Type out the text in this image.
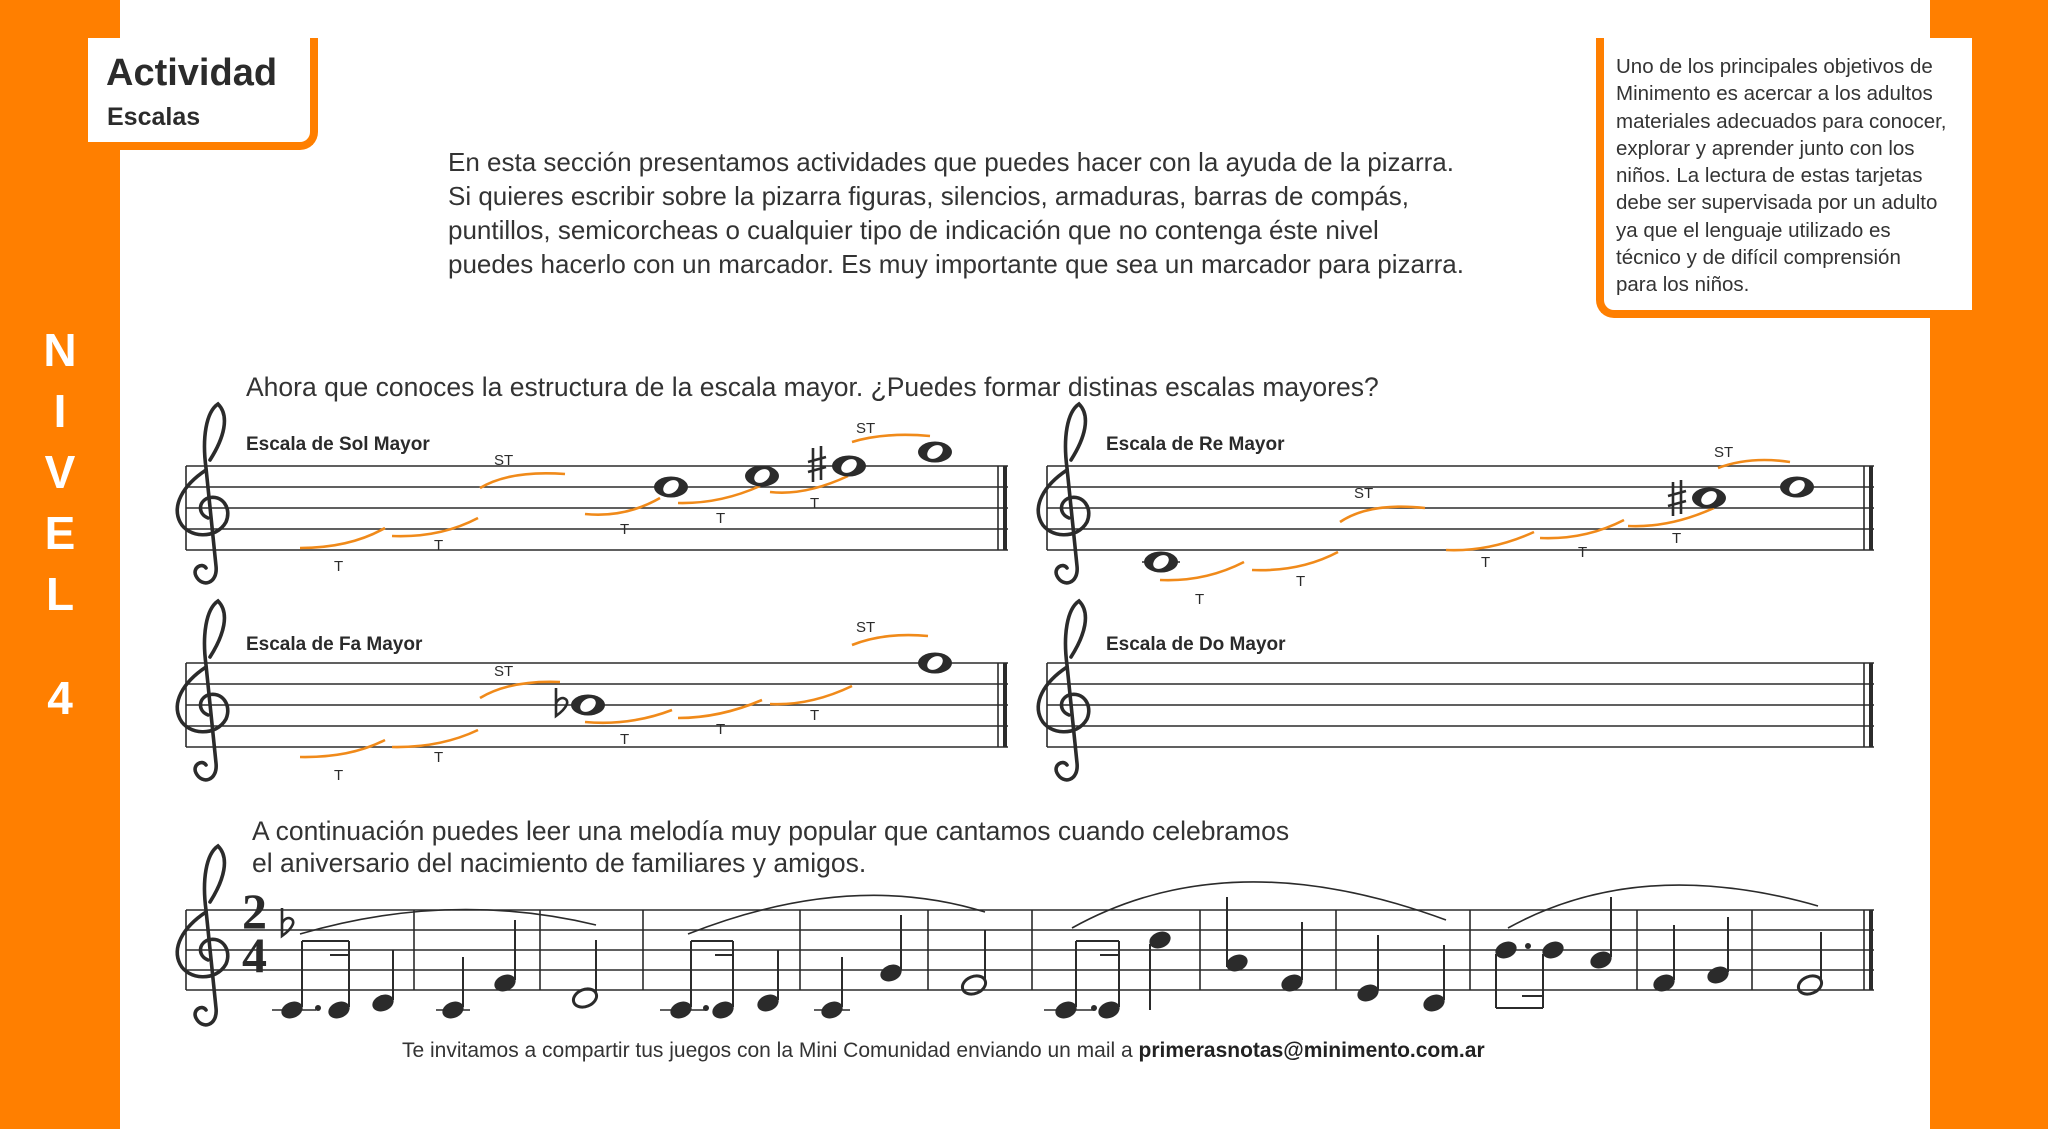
N
I
V
E
L
4
Actividad
Escalas
Uno de los principales objetivos de
Minimento es acercar a los adultos
materiales adecuados para conocer,
explorar y aprender junto con los
niños. La lectura de estas tarjetas
debe ser supervisada por un adulto
ya que el lenguaje utilizado es
técnico y de difícil comprensión
para los niños.
En esta sección presentamos actividades que puedes hacer con la ayuda de la pizarra.
Si quieres escribir sobre la pizarra figuras, silencios, armaduras, barras de compás,
puntillos, semicorcheas o cualquier tipo de indicación que no contenga éste nivel
puedes hacerlo con un marcador. Es muy importante que sea un marcador para pizarra.
Ahora que conoces la estructura de la escala mayor. ¿Puedes formar distinas escalas mayores?
A continuación puedes leer una melodía muy popular que cantamos cuando celebramos
el aniversario del nacimiento de familiares y amigos.
Te invitamos a compartir tus juegos con la Mini Comunidad enviando un mail a primerasnotas@minimento.com.ar
Escala de Sol Mayor
T
T
ST
T
T
T
ST
Escala de Re Mayor
T
T
ST
T
T
T
ST
Escala de Fa Mayor
T
T
ST
T
T
T
ST
Escala de Do Mayor
2
4
